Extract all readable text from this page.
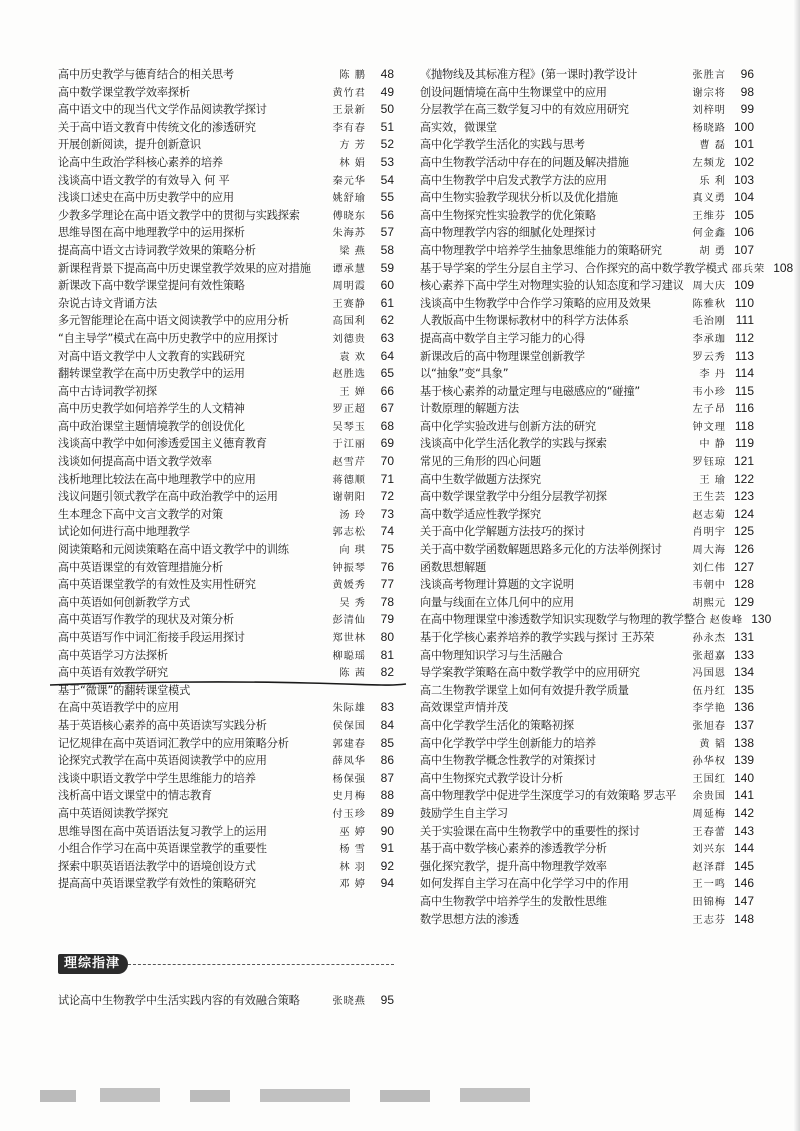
高中历史教学与德育结合的相关思考	陈 鹏	48
高中数学课堂教学效率探析	黄竹君	49
高中语文中的现当代文学作品阅读教学探讨	王景新	50
关于高中语文教育中传统文化的渗透研究	李有春	51
开展创新阅读，提升创新意识	方 芳	52
论高中生政治学科核心素养的培养	林 娟	53
浅谈高中语文教学的有效导入 何 平	秦元华	54
浅谈口述史在高中历史教学中的应用	姚舒瑜	55
少教多学理论在高中语文教学中的贯彻与实践探索	傅晓东	56
思维导图在高中地理教学中的运用探析	朱海苏	57
提高高中语文古诗词教学效果的策略分析	梁 燕	58
新课程背景下提高高中历史课堂教学效果的应对措施	谭承慧	59
新课改下高中数学课堂提问有效性策略	周明霞	60
杂说古诗文背诵方法	王赛静	61
多元智能理论在高中语文阅读教学中的应用分析	高国利	62
“自主导学”模式在高中历史教学中的应用探讨	刘德贵	63
对高中语文教学中人文教育的实践研究	袁 欢	64
翻转课堂教学在高中历史教学中的运用	赵胜选	65
高中古诗词教学初探	王 婵	66
高中历史教学如何培养学生的人文精神	罗正超	67
高中政治课堂主题情境教学的创设优化	吴琴玉	68
浅谈高中教学中如何渗透爱国主义德育教育	于江丽	69
浅谈如何提高高中语文教学效率	赵雪芹	70
浅析地理比较法在高中地理教学中的应用	蒋德顺	71
浅议问题引领式教学在高中政治教学中的运用	谢朝阳	72
生本理念下高中文言文教学的对策	汤 玲	73
试论如何进行高中地理教学	郭志松	74
阅读策略和元阅读策略在高中语文教学中的训练	向 琪	75
高中英语课堂的有效管理措施分析	钟振琴	76
高中英语课堂教学的有效性及实用性研究	黄媛秀	77
高中英语如何创新教学方式	吴 秀	78
高中英语写作教学的现状及对策分析	彭清仙	79
高中英语写作中词汇衔接手段运用探讨	郑世林	80
高中英语学习方法探析	柳聪瑶	81
高中英语有效教学研究	陈 茜	82
基于“微课”的翻转课堂模式
在高中英语教学中的应用	朱际雄	83
基于英语核心素养的高中英语读写实践分析	侯保国	84
记忆规律在高中英语词汇教学中的应用策略分析	郭建春	85
论探究式教学在高中英语阅读教学中的应用	薛凤华	86
浅谈中职语文教学中学生思维能力的培养	杨保强	87
浅析高中语文课堂中的情志教育	史月梅	88
高中英语阅读教学探究	付玉珍	89
思维导图在高中英语语法复习教学上的运用	巫 婷	90
小组合作学习在高中英语课堂教学的重要性	杨 雪	91
探索中职英语语法教学中的语境创设方式	林 羽	92
提高高中英语课堂教学有效性的策略研究	邓 婷	94
理综指津
试论高中生物教学中生活实践内容的有效融合策略	张晓燕	95
《抛物线及其标准方程》(第一课时)教学设计	张胜言	96
创设问题情境在高中生物课堂中的应用	谢宗将	98
分层教学在高三数学复习中的有效应用研究	刘梓明	99
高实效，微课堂	杨晓路 100
高中化学教学生活化的实践与思考	曹 磊 101
高中生物教学活动中存在的问题及解决措施	左频龙 102
高中生物教学中启发式教学方法的应用	乐 利 103
高中生物实验教学现状分析以及优化措施	真义勇 104
高中生物探究性实验教学的优化策略	王维芬 105
高中物理教学内容的细腻化处理探讨	何金鑫 106
高中物理教学中培养学生抽象思维能力的策略研究	胡 勇 107
基于导学案的学生分层自主学习、合作探究的高中数学教学模式 邵兵荣 108
核心素养下高中学生对物理实验的认知态度和学习建议 周大庆 109
浅谈高中生物教学中合作学习策略的应用及效果	陈雅秋 110
人教版高中生物课标教材中的科学方法体系	毛治刚 111
提高高中数学自主学习能力的心得	李承珈 112
新课改后的高中物理课堂创新教学	罗云秀 113
以“抽象”变“具象”	李 丹 114
基于核心素养的动量定理与电磁感应的“碰撞”	韦小珍 115
计数原理的解题方法	左子昂 116
高中化学实验改进与创新方法的研究	钟文理 118
浅谈高中化学生活化教学的实践与探索	中 静 119
常见的三角形的四心问题	罗钰琼 121
高中生数学做题方法探究	王 瑜 122
高中数学课堂教学中分组分层教学初探	王生芸 123
高中数学适应性教学探究	赵志菊 124
关于高中化学解题方法技巧的探讨	肖明宇 125
关于高中数学函数解题思路多元化的方法举例探讨	周大海 126
函数思想解题	刘仁伟 127
浅谈高考物理计算题的文字说明	韦朝中 128
向量与线面在立体几何中的应用	胡熙元 129
在高中物理课堂中渗透数学知识实现数学与物理的教学整合 赵俊峰 130
基于化学核心素养培养的教学实践与探讨 王苏荣	孙永杰 131
高中物理知识学习与生活融合	张超嘉 133
导学案教学策略在高中数学教学中的应用研究	冯国恩 134
高二生物教学课堂上如何有效提升教学质量	伍丹红 135
高效课堂声情并茂	李学艳 136
高中化学教学生活化的策略初探	张旭春 137
高中化学教学中学生创新能力的培养	黄 韬 138
高中生物教学概念性教学的对策探讨	孙华权 139
高中生物探究式教学设计分析	王国红 140
高中物理教学中促进学生深度学习的有效策略 罗志平	余贵国 141
鼓励学生自主学习	周延梅 142
关于实验课在高中生物教学中的重要性的探讨	王春蕾 143
基于高中数学核心素养的渗透教学分析	刘兴东 144
强化探究教学，提升高中物理教学效率	赵泽群 145
如何发挥自主学习在高中化学学习中的作用	王一鸣 146
高中生物教学中培养学生的发散性思维	田锦梅 147
数学思想方法的渗透	王志芬 148
